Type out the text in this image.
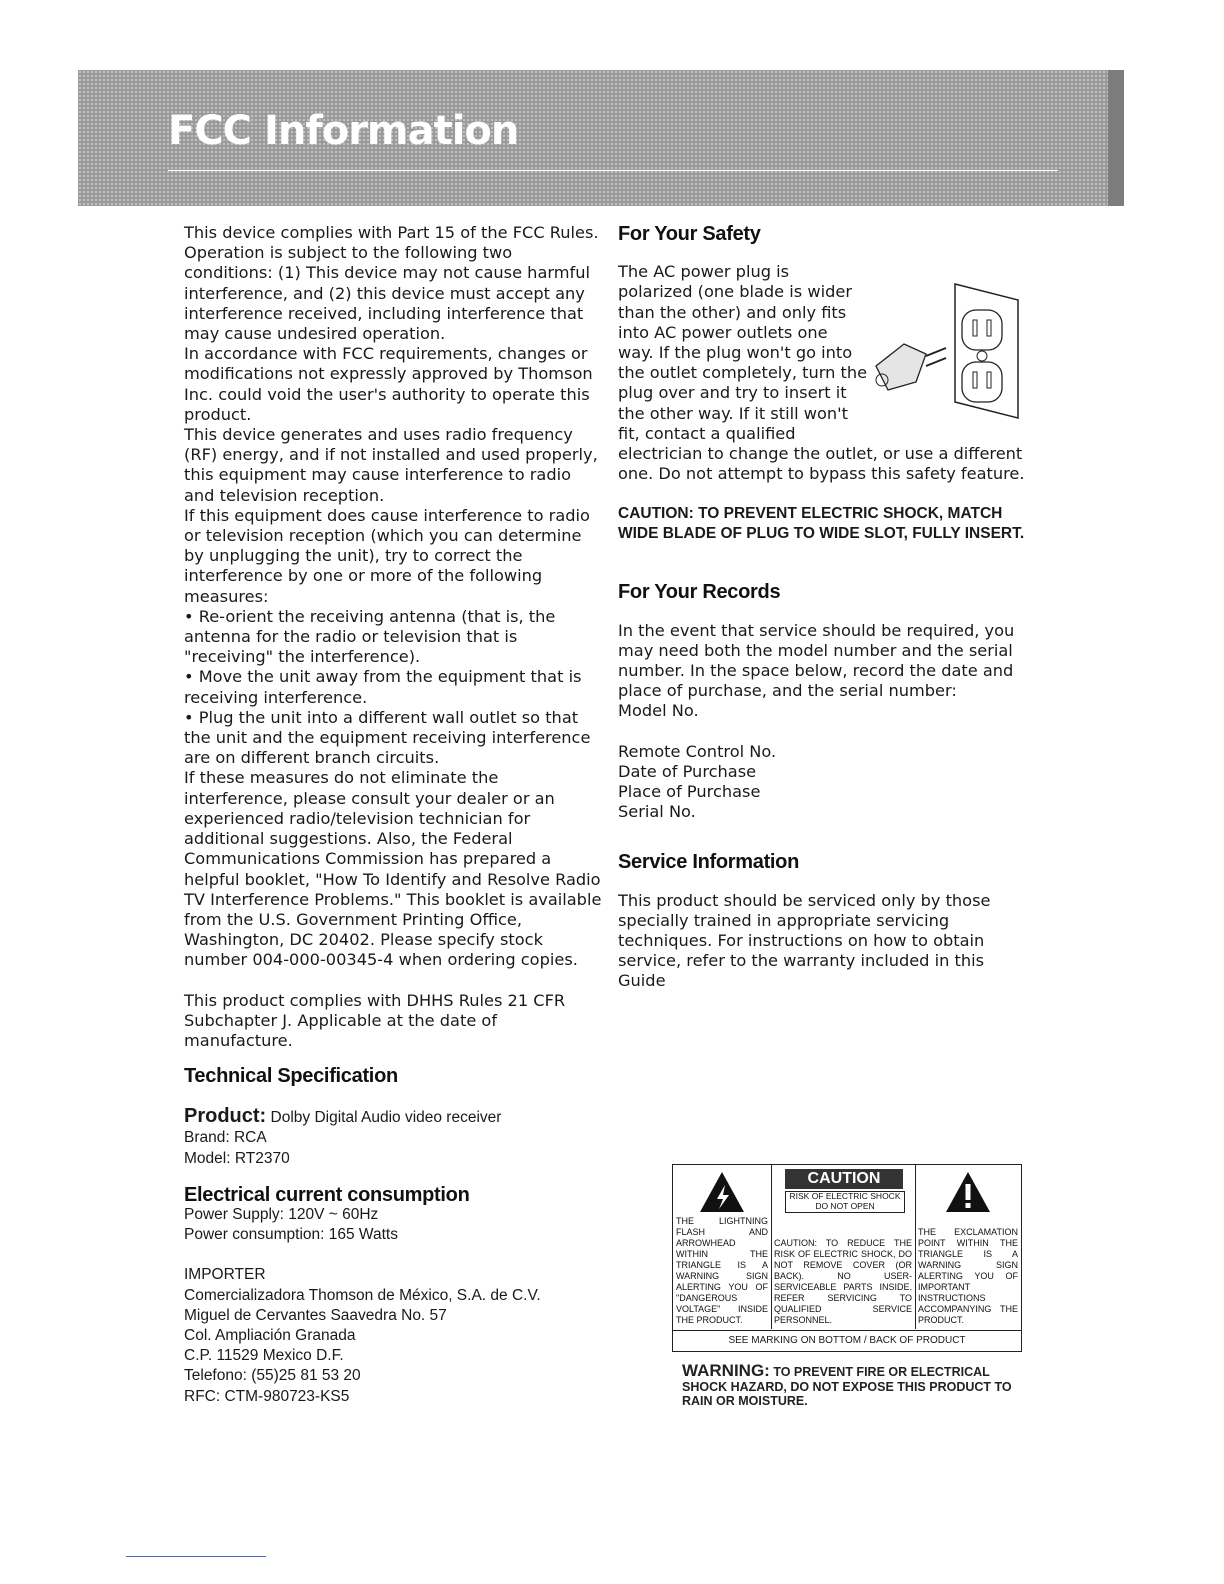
FCC Information

This device complies with Part 15 of the FCC Rules. Operation is subject to the following two conditions: (1) This device may not cause harmful interference, and (2) this device must accept any interference received, including interference that may cause undesired operation.

In accordance with FCC requirements, changes or modifications not expressly approved by Thomson Inc. could void the user's authority to operate this product.

This device generates and uses radio frequency (RF) energy, and if not installed and used properly, this equipment may cause interference to radio and television reception.

If this equipment does cause interference to radio or television reception (which you can determine by unplugging the unit), try to correct the interference by one or more of the following measures:

• Re-orient the receiving antenna (that is, the antenna for the radio or television that is "receiving" the interference).

• Move the unit away from the equipment that is receiving interference.

• Plug the unit into a different wall outlet so that the unit and the equipment receiving interference are on different branch circuits.

If these measures do not eliminate the interference, please consult your dealer or an experienced radio/television technician for additional suggestions. Also, the Federal Communications Commission has prepared a helpful booklet, "How To Identify and Resolve Radio TV Interference Problems." This booklet is available from the U.S. Government Printing Office, Washington, DC 20402. Please specify stock number 004-000-00345-4 when ordering copies.

This product complies with DHHS Rules 21 CFR Subchapter J. Applicable at the date of manufacture.

For Your Safety

The AC power plug is polarized (one blade is wider than the other) and only fits into AC power outlets one way. If the plug won't go into the outlet completely, turn the plug over and try to insert it the other way. If it still won't fit, contact a qualified electrician to change the outlet, or use a different one. Do not attempt to bypass this safety feature.

CAUTION: TO PREVENT ELECTRIC SHOCK, MATCH WIDE BLADE OF PLUG TO WIDE SLOT, FULLY INSERT.

For Your Records

In the event that service should be required, you may need both the model number and the serial number. In the space below, record the date and place of purchase, and the serial number:

Model No.

Remote Control No.

Date of Purchase

Place of Purchase

Serial No.

Service Information

This product should be serviced only by those specially trained in appropriate servicing techniques. For instructions on how to obtain service, refer to the warranty included in this Guide

Technical Specification

Product: Dolby Digital Audio video receiver

Brand: RCA

Model: RT2370

Electrical current consumption

Power Supply: 120V ~ 60Hz

Power consumption: 165 Watts

IMPORTER

Comercializadora Thomson de México, S.A. de C.V.

Miguel de Cervantes Saavedra No. 57

Col. Ampliación Granada

C.P. 11529 Mexico D.F.

Telefono: (55)25 81 53 20

RFC: CTM-980723-KS5

THE LIGHTNING FLASH AND ARROWHEAD WITHIN THE TRIANGLE IS A WARNING SIGN ALERTING YOU OF "DANGEROUS VOLTAGE" INSIDE THE PRODUCT.
CAUTION
RISK OF ELECTRIC SHOCK
DO NOT OPEN
CAUTION: TO REDUCE THE RISK OF ELECTRIC SHOCK, DO NOT REMOVE COVER (OR BACK). NO USER-SERVICEABLE PARTS INSIDE. REFER SERVICING TO QUALIFIED SERVICE PERSONNEL.
THE EXCLAMATION POINT WITHIN THE TRIANGLE IS A WARNING SIGN ALERTING YOU OF IMPORTANT INSTRUCTIONS ACCOMPANYING THE PRODUCT.
SEE MARKING ON BOTTOM / BACK OF PRODUCT
WARNING: TO PREVENT FIRE OR ELECTRICAL SHOCK HAZARD, DO NOT EXPOSE THIS PRODUCT TO RAIN OR MOISTURE.
